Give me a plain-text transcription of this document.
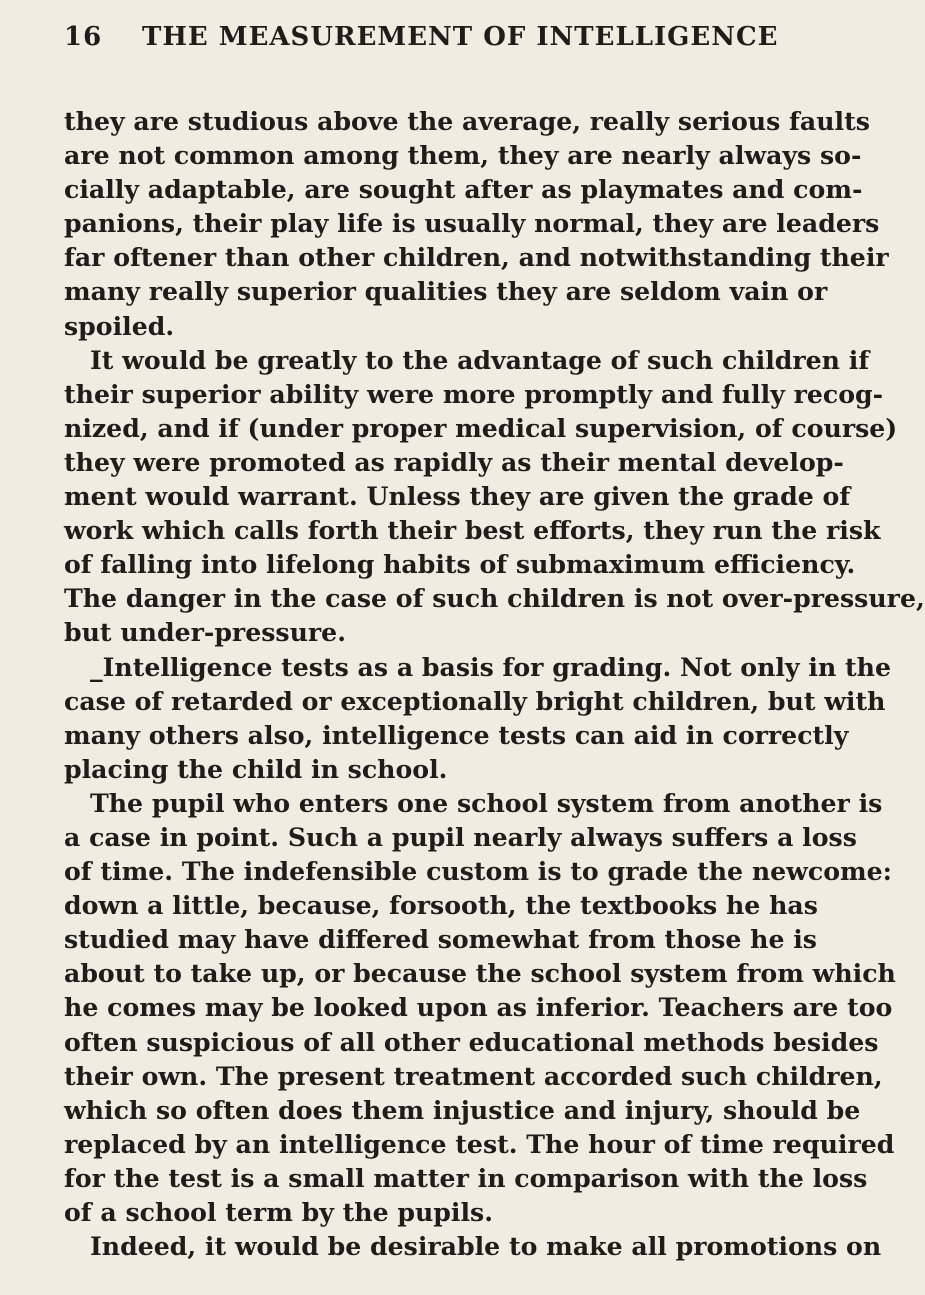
16 THE MEASUREMENT OF INTELLIGENCE
they are studious above the average, really serious faults
are not common among them, they are nearly always so-
cially adaptable, are sought after as playmates and com-
panions, their play life is usually normal, they are leaders
far oftener than other children, and notwithstanding their
many really superior qualities they are seldom vain or
spoiled.
It would be greatly to the advantage of such children if
their superior ability were more promptly and fully recog-
nized, and if (under proper medical supervision, of course)
they were promoted as rapidly as their mental develop-
ment would warrant. Unless they are given the grade of
work which calls forth their best efforts, they run the risk
of falling into lifelong habits of submaximum efficiency.
The danger in the case of such children is not over-pressure,
but under-pressure.
_Intelligence tests as a basis for grading. Not only in the
case of retarded or exceptionally bright children, but with
many others also, intelligence tests can aid in correctly
placing the child in school.
The pupil who enters one school system from another is
a case in point. Such a pupil nearly always suffers a loss
of time. The indefensible custom is to grade the newcome:
down a little, because, forsooth, the textbooks he has
studied may have differed somewhat from those he is
about to take up, or because the school system from which
he comes may be looked upon as inferior. Teachers are too
often suspicious of all other educational methods besides
their own. The present treatment accorded such children,
which so often does them injustice and injury, should be
replaced by an intelligence test. The hour of time required
for the test is a small matter in comparison with the loss
of a school term by the pupils.
Indeed, it would be desirable to make all promotions on
